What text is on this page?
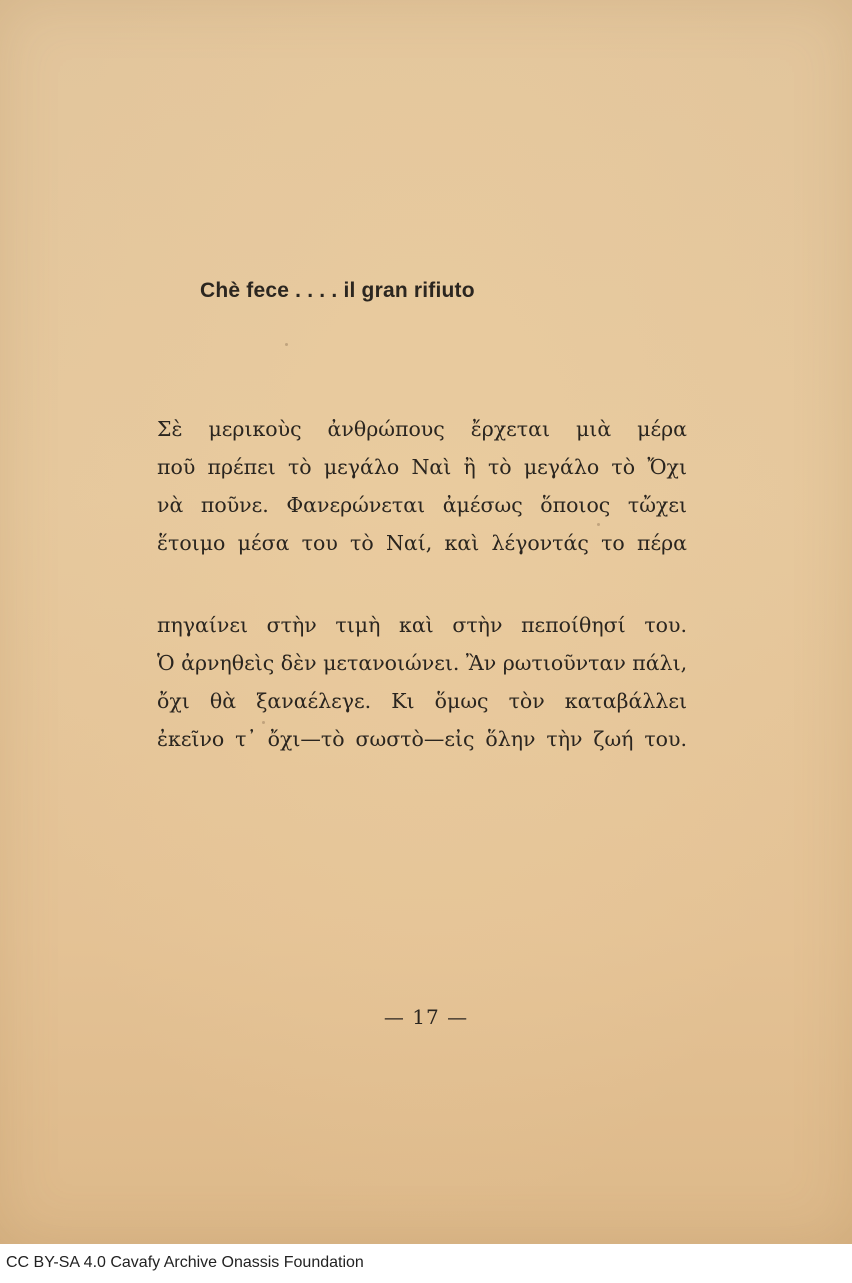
Chè fece . . . . il gran rifiuto
Σὲ μερικοὺς ἀνθρώπους ἔρχεται μιὰ μέρα
ποῦ πρέπει τὸ μεγάλο Ναὶ ἢ τὸ μεγάλο τὸ Ὄχι
νὰ ποῦνε. Φανερώνεται ἀμέσως ὅποιος τὤχει
ἕτοιμο μέσα του τὸ Ναί, καὶ λέγοντάς το πέρα
πηγαίνει στὴν τιμὴ καὶ στὴν πεποίθησί του.
Ὁ ἀρνηθεὶς δὲν μετανοιώνει. Ἂν ρωτιοῦνταν πάλι,
ὄχι θὰ ξαναέλεγε. Κι ὅμως τὸν καταβάλλει
ἐκεῖνο τ᾿ ὄχι—τὸ σωστὸ—εἰς ὅλην τὴν ζωή του.
— 17 —
CC BY-SA 4.0 Cavafy Archive Onassis Foundation
